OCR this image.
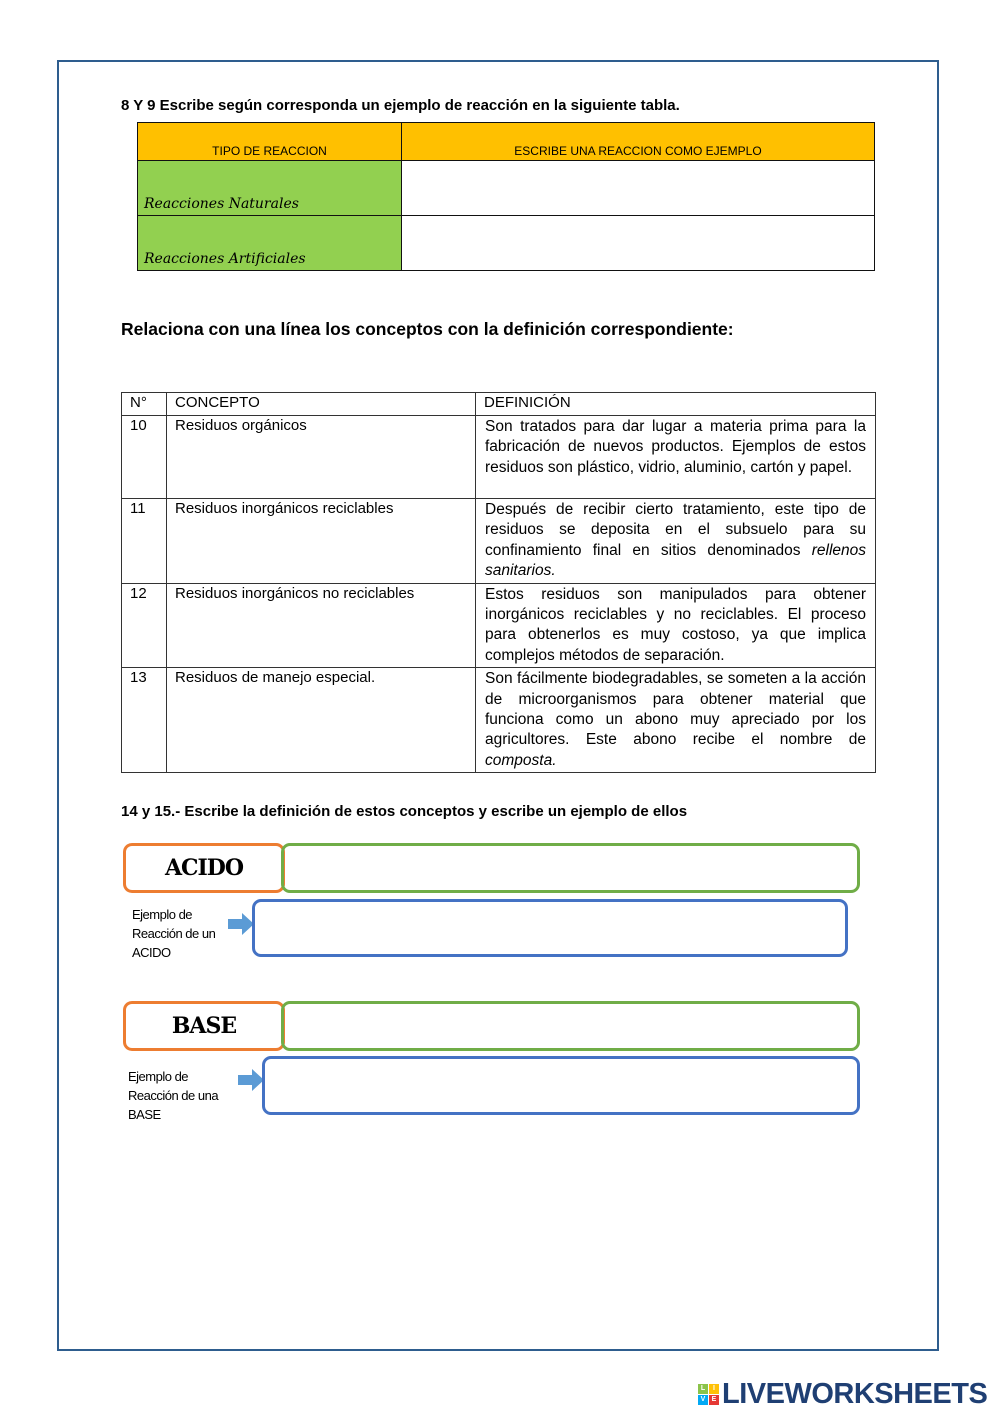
8 Y 9 Escribe según corresponda un ejemplo de reacción en la siguiente tabla.
TIPO DE REACCION	ESCRIBE UNA REACCION COMO EJEMPLO
Reacciones Naturales	
Reacciones Artificiales	
Relaciona con una línea los conceptos con la definición correspondiente:
N°	CONCEPTO	DEFINICIÓN
10	Residuos orgánicos	Son tratados para dar lugar a materia prima para la fabricación de nuevos productos. Ejemplos de estos residuos son plástico, vidrio, aluminio, cartón y papel.
11	Residuos inorgánicos reciclables	Después de recibir cierto tratamiento, este tipo de residuos se deposita en el subsuelo para su confinamiento final en sitios denominados rellenos sanitarios.
12	Residuos inorgánicos no reciclables	Estos residuos son manipulados para obtener inorgánicos reciclables y no reciclables. El proceso para obtenerlos es muy costoso, ya que implica complejos métodos de separación.
13	Residuos de manejo especial.	Son fácilmente biodegradables, se someten a la acción de microorganismos para obtener material que funciona como un abono muy apreciado por los agricultores. Este abono recibe el nombre de composta.
14 y 15.- Escribe la definición de estos conceptos y escribe un ejemplo de ellos
ACIDO
Ejemplo de Reacción de un ACIDO
BASE
Ejemplo de Reacción de una BASE
L	I
V E LIVEWORKSHEETS
